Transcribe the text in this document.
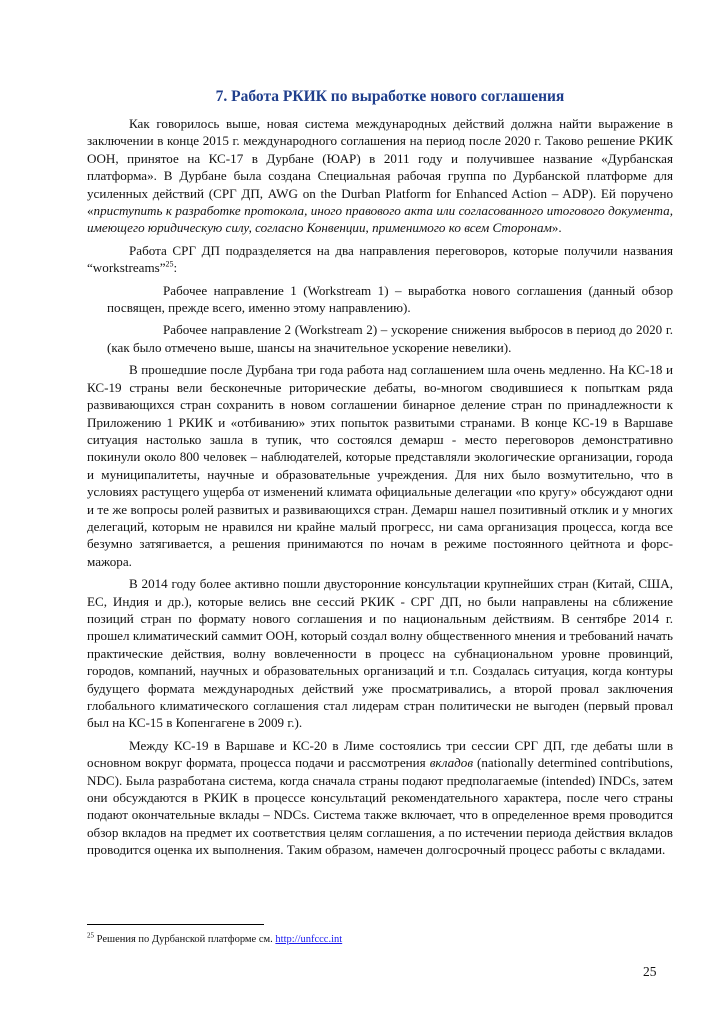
7. Работа РКИК по выработке нового соглашения

Как говорилось выше, новая система международных действий должна найти выражение в заключении в конце 2015 г. международного соглашения на период после 2020 г. Таково решение РКИК ООН, принятое на КС-17 в Дурбане (ЮАР) в 2011 году и получившее название «Дурбанская платформа». В Дурбане была создана Специальная рабочая группа по Дурбанской платформе для усиленных действий (СРГ ДП, AWG on the Durban Platform for Enhanced Action – ADP). Ей поручено «приступить к разработке протокола, иного правового акта или согласованного итогового документа, имеющего юридическую силу, согласно Конвенции, применимого ко всем Сторонам».

Работа СРГ ДП подразделяется на два направления переговоров, которые получили названия “workstreams”$^{25}$:

Рабочее направление 1 (Workstream 1) – выработка нового соглашения (данный обзор посвящен, прежде всего, именно этому направлению).

Рабочее направление 2 (Workstream 2) – ускорение снижения выбросов в период до 2020 г. (как было отмечено выше, шансы на значительное ускорение невелики).

В прошедшие после Дурбана три года работа над соглашением шла очень медленно. На КС-18 и КС-19 страны вели бесконечные риторические дебаты, во-многом сводившиеся к попыткам ряда развивающихся стран сохранить в новом соглашении бинарное деление стран по принадлежности к Приложению 1 РКИК и «отбиванию» этих попыток развитыми странами. В конце КС-19 в Варшаве ситуация настолько зашла в тупик, что состоялся демарш - место переговоров демонстративно покинули около 800 человек – наблюдателей, которые представляли экологические организации, города и муниципалитеты, научные и образовательные учреждения. Для них было возмутительно, что в условиях растущего ущерба от изменений климата официальные делегации «по кругу» обсуждают одни и те же вопросы ролей развитых и развивающихся стран. Демарш нашел позитивный отклик и у многих делегаций, которым не нравился ни крайне малый прогресс, ни сама организация процесса, когда все безумно затягивается, а решения принимаются по ночам в режиме постоянного цейтнота и форс-мажора.

В 2014 году более активно пошли двусторонние консультации крупнейших стран (Китай, США, ЕС, Индия и др.), которые велись вне сессий РКИК - СРГ ДП, но были направлены на сближение позиций стран по формату нового соглашения и по национальным действиям. В сентябре 2014 г. прошел климатический саммит ООН, который создал волну общественного мнения и требований начать практические действия, волну вовлеченности в процесс на субнациональном уровне провинций, городов, компаний, научных и образовательных организаций и т.п. Создалась ситуация, когда контуры будущего формата международных действий уже просматривались, а второй провал заключения глобального климатического соглашения стал лидерам стран политически не выгоден (первый провал был на КС-15 в Копенгагене в 2009 г.).

Между КС-19 в Варшаве и КС-20 в Лиме состоялись три сессии СРГ ДП, где дебаты шли в основном вокруг формата, процесса подачи и рассмотрения вкладов (nationally determined contributions, NDC). Была разработана система, когда сначала страны подают предполагаемые (intended) INDCs, затем они обсуждаются в РКИК в процессе консультаций рекомендательного характера, после чего страны подают окончательные вклады – NDCs. Система также включает, что в определенное время проводится обзор вкладов на предмет их соответствия целям соглашения, а по истечении периода действия вкладов проводится оценка их выполнения. Таким образом, намечен долгосрочный процесс работы с вкладами.

$^{25}$ Решения по Дурбанской платформе см. http://unfccc.int
25
